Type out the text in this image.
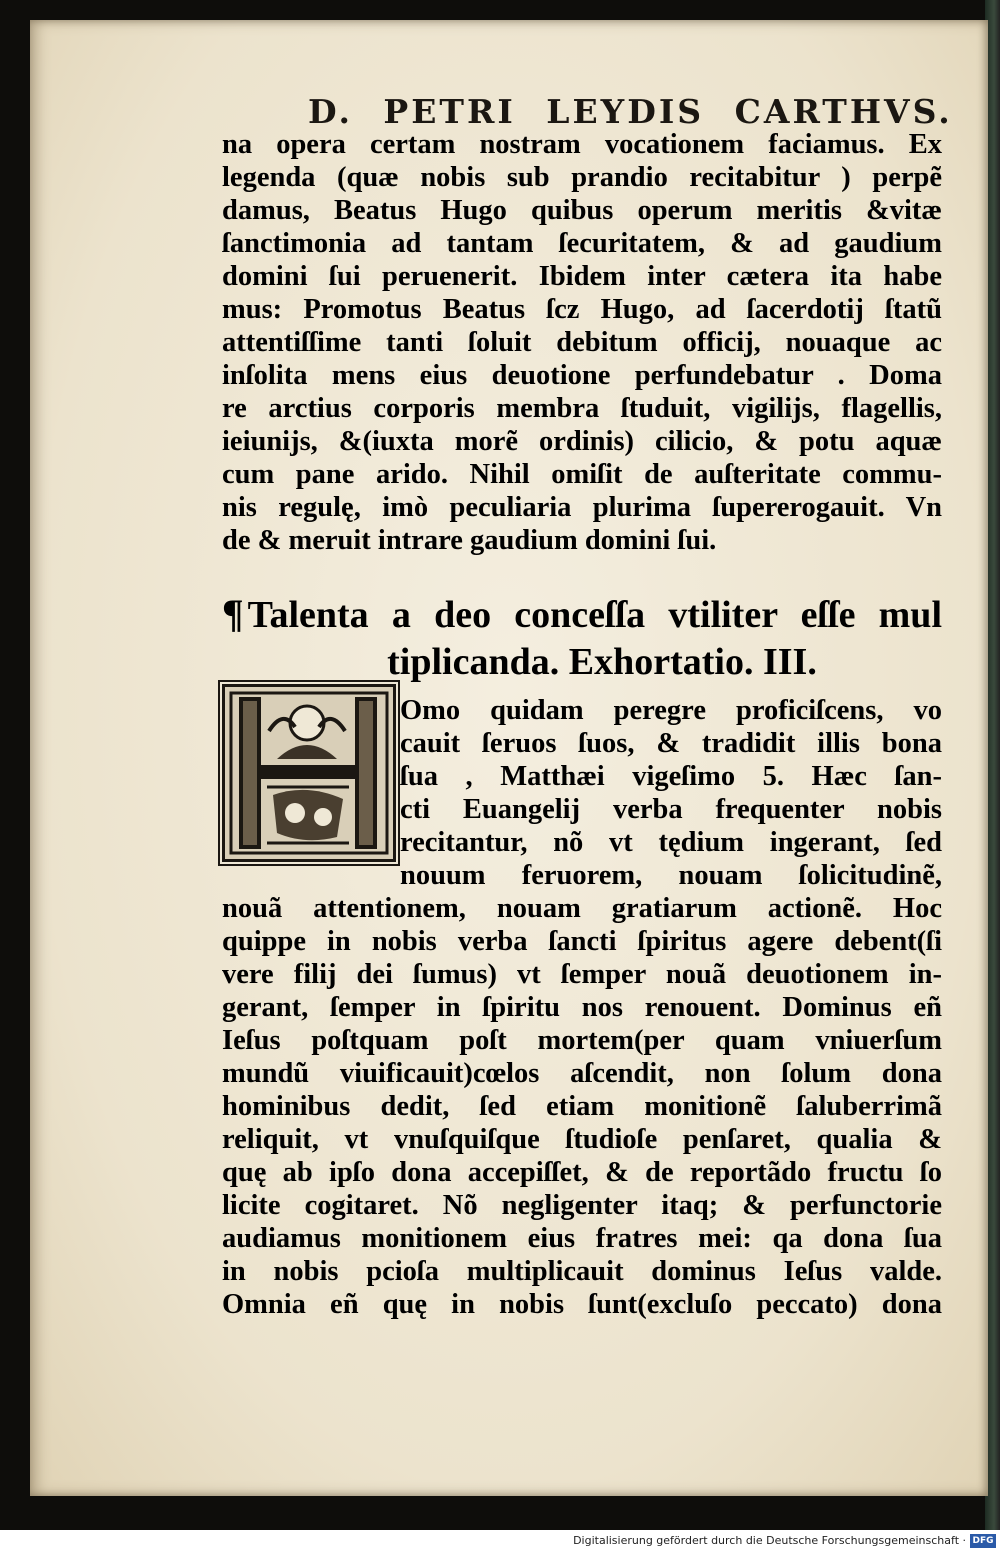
D. PETRI LEYDIS CARTHVS.
na opera certam nostram vocationem faciamus. Ex
legenda (quæ nobis sub prandio recitabitur ) perpẽ
damus, Beatus Hugo quibus operum meritis &vitæ
ſanctimonia ad tantam ſecuritatem, & ad gaudium
domini ſui peruenerit. Ibidem inter cætera ita habe
mus: Promotus Beatus ſcz Hugo, ad ſacerdotij ſtatũ
attentiſſime tanti ſoluit debitum officij, nouaque ac
inſolita mens eius deuotione perfundebatur . Doma
re arctius corporis membra ſtuduit, vigilijs, flagellis,
ieiunijs, &(iuxta morẽ ordinis) cilicio, & potu aquæ
cum pane arido. Nihil omiſit de auſteritate commu-
nis regulę, imò peculiaria plurima ſupererogauit. Vn
de & meruit intrare gaudium domini ſui.
¶ Talenta a deo conceſſa vtiliter eſſe mul
tiplicanda. Exhortatio. III.
Omo quidam peregre proficiſcens, vo
cauit ſeruos ſuos, & tradidit illis bona
ſua , Matthæi vigeſimo 5. Hæc ſan-
cti Euangelij verba frequenter nobis
recitantur, nõ vt tędium ingerant, ſed
nouum feruorem, nouam ſolicitudinẽ,
nouã attentionem, nouam gratiarum actionẽ. Hoc
quippe in nobis verba ſancti ſpiritus agere debent(ſi
vere filij dei ſumus) vt ſemper nouã deuotionem in-
gerant, ſemper in ſpiritu nos renouent. Dominus eñ
Ieſus poſtquam poſt mortem(per quam vniuerſum
mundũ viuificauit)cœlos aſcendit, non ſolum dona
hominibus dedit, ſed etiam monitionẽ ſaluberrimã
reliquit, vt vnuſquiſque ſtudioſe penſaret, qualia &
quę ab ipſo dona accepiſſet, & de reportãdo fructu ſo
licite cogitaret. Nõ negligenter itaq; & perfunctorie
audiamus monitionem eius fratres mei: qa dona ſua
in nobis pcioſa multiplicauit dominus Ieſus valde.
Omnia eñ quę in nobis ſunt(excluſo peccato) dona
Digitalisierung gefördert durch die Deutsche Forschungsgemeinschaft · DFG
